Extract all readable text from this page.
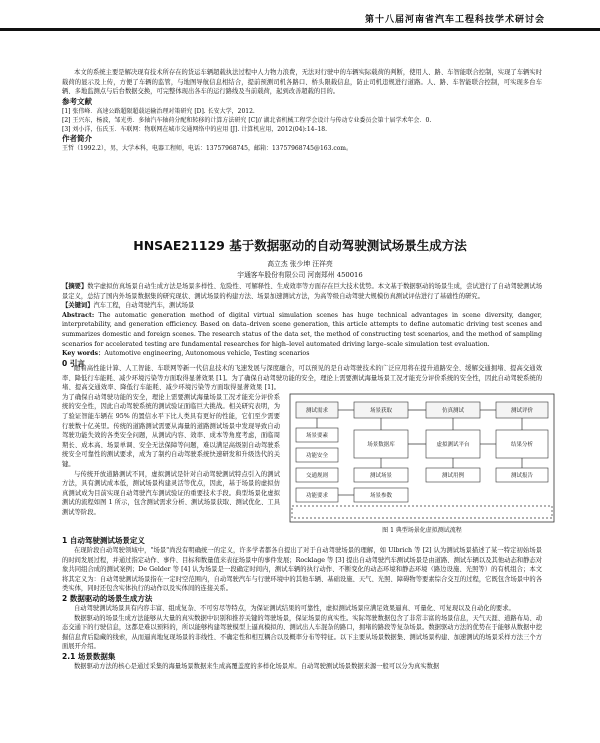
第十八届河南省汽车工程科技学术研讨会

本文的系统主要是解决现有技术所存在的货运车辆超载执法过程中人力物力浪费，无法对行驶中的车辆实际载荷的判断，使用人、路、车智能联合控制，实现了车辆实时载荷的显示及上传，方便了车辆的监管，与地图导航信息相结合，提前预测司机各路口、桥头限载信息，防止司机违规进行道路。人、路、车智能联合控制，可实现多台车辆、多地监测点与后台数据交换，可完整体现出各车的运行路线及当前载荷，起到改善超载的目的。

参考文献

[1] 张伟峰．高速公路超限超载运输治理对策研究 [D]. 长安大学，2012.

[2] 王兴东，杨波，邹光勇．多轴汽车轴荷分配和转移的计算方法研究 [C]// 湖北省机械工程学会设计与传动专业委员会第十届学术年会．0.

[3] 刘小洋，伍氏玉．车联网：物联网在城市交通网络中的应用 [J]. 计算机应用，2012(04):14–18.

作者简介

王哲（1992.2），男，大学本科，电器工程师，电话：13757968745，邮箱：13757968745@163.com。

HNSAE21129 基于数据驱动的自动驾驶测试场景生成方法
高立杰 张少坤 汪祥亮
宇通客车股份有限公司 河南郑州 450016

【摘要】数字虚拟仿真场景自动生成方法是场景多样性、危险性、可解释性、生成效率等方面存在巨大技术优势。本文基于数据驱动的场景生成，尝试进行了自动驾驶测试场景定义，总结了国内外场景数据集的研究现状、测试场景的构建方法、场景加速测试方法，为高等级自动驾驶大规模仿真测试评估进行了基础性的研究。

【关键词】汽车工程，自动驾驶汽车，测试场景

Abstract: The automatic generation method of digital virtual simulation scenes has huge technical advantages in scene diversity, danger, interpretability, and generation efficiency. Based on data–driven scene generation, this article attempts to define automatic driving test scenes and summarizes domestic and foreign scenes. The research status of the data set, the method of constructing test scenarios, and the method of sampling scenarios for accelerated testing are fundamental researches for high–level automated driving large–scale simulation test evaluation.

Key words：Automotive engineering, Autonomous vehicle, Testing scenarios

0 引言

随着高性能计算、人工智能、车联网等新一代信息技术的飞速发展与深度融合，可以预见的是自动驾驶技术的广泛应用将在提升道路安全、缓解交通拥堵、提高交通效率、降低行车能耗、减少环境污染等方面取得显著效果 [1]。为了确保自动驾驶功能的安全，理论上需要测试海量场景工况才能充分评价系统的安全性，因此自动驾驶系统的

堵、提高交通效率、降低行车能耗、减少环境污染等方面取得显著效果 [1]。为了确保自动驾驶功能的安全，理论上需要测试海量场景工况才能充分评价系统的安全性，因此自动驾驶系统的测试验证面临巨大挑战。相关研究表明，为了验证智能车辆在 95% 的置信水平下比人类具有更好的性能，它们至少需要行驶数十亿英里。传统的道路测试需要从海量的道路测试场景中发现导致自动驾驶功能失效的各类安全问题，从测试内容、效率、成本等角度考虑，面临周期长、成本高、场景单调、安全无法保障等问题，难以满足高级别自动驾驶系统安全可靠性的测试要求，成为了制约自动驾驶系统快速研发和升级迭代的关键。

与传统开放道路测试不同，虚拟测试是针对自动驾驶测试特点引入的测试方法，具有测试成本低，测试场景构建灵活等优点，因此，基于场景的虚拟仿真测试成为目前实现自动驾驶汽车测试验证的重要技术手段。典型场景化虚拟测试的流程如图 1 所示，包含测试需求分析、测试场景获取、测试优化、工具测试等阶段。

测试需求
场景要素
功能安全
交通规则
功能要求
场景获取
场景数据库
测试场景
场景参数
仿真测试
虚拟测试平台
测试用例
测试评价
结果分析
测试报告
图 1 典型场景化虚拟测试流程

1 自动驾驶测试场景定义

在现阶段自动驾驶领域中，"场景"尚没有明确统一的定义，许多学者都各自提出了对于自动驾驶场景的理解，如 Ulbrich 等 [2] 认为测试场景描述了某一特定初始场景的时间发展过程，并通过指定动作、事件、目标和数量值来表征场景中的事件发展；Rocklage 等 [3] 提出自动驾驶汽车测试场景是由道路、测试车辆以及其他动态和静态对象共同组合成的测试案例；De Gelder 等 [4] 认为场景是一段确定时间内，测试车辆的执行动作、不断变化的动态环境和静态环境（路边设施、光照等）的有机组合；本文将其定义为：自动驾驶测试场景指在一定时空范围内，自动驾驶汽车与行驶环境中的其他车辆、基础设施、天气、光照、障碍物等要素综合交互的过程，它既包含场景中的各类实体，同时还包含实体执行的动作以及实体间的连接关系。

2 数据驱动的场景生成方法

自动驾驶测试场景具有内容丰富、组成复杂、不可穷尽等特点，为保证测试结果的可靠性，虚拟测试场景应满足效果逼真、可量化、可复现以及自动化的要求。

数据驱动的场景生成方法能够从大量的真实数据中识别和推荐关键的驾驶场景，保证场景的真实性。实际驾驶数据包含了非常丰富的场景信息，天气天涯、道路布局、动态交通下的行驶信息，这都是难以预料的，所以能够构建驾驶模型上逼真模拟的、测试出人车混杂的路口，拥堵的路段等复杂场景。数据驱动方法的优势在于能够从数据中挖掘信息背后隐藏的线索，从而逼真地复现场景的非线性、不确定性和相互耦合以及概率分布等特征。以下主要从场景数据集、测试场景构建、加速测试的场景采样方法三个方面展开介绍。

2.1 场景数据集

数据驱动方法的核心是通过采集的海量场景数据来生成高覆盖度的多样化场景库。自动驾驶测试场景数据来源一般可以分为真实数据
